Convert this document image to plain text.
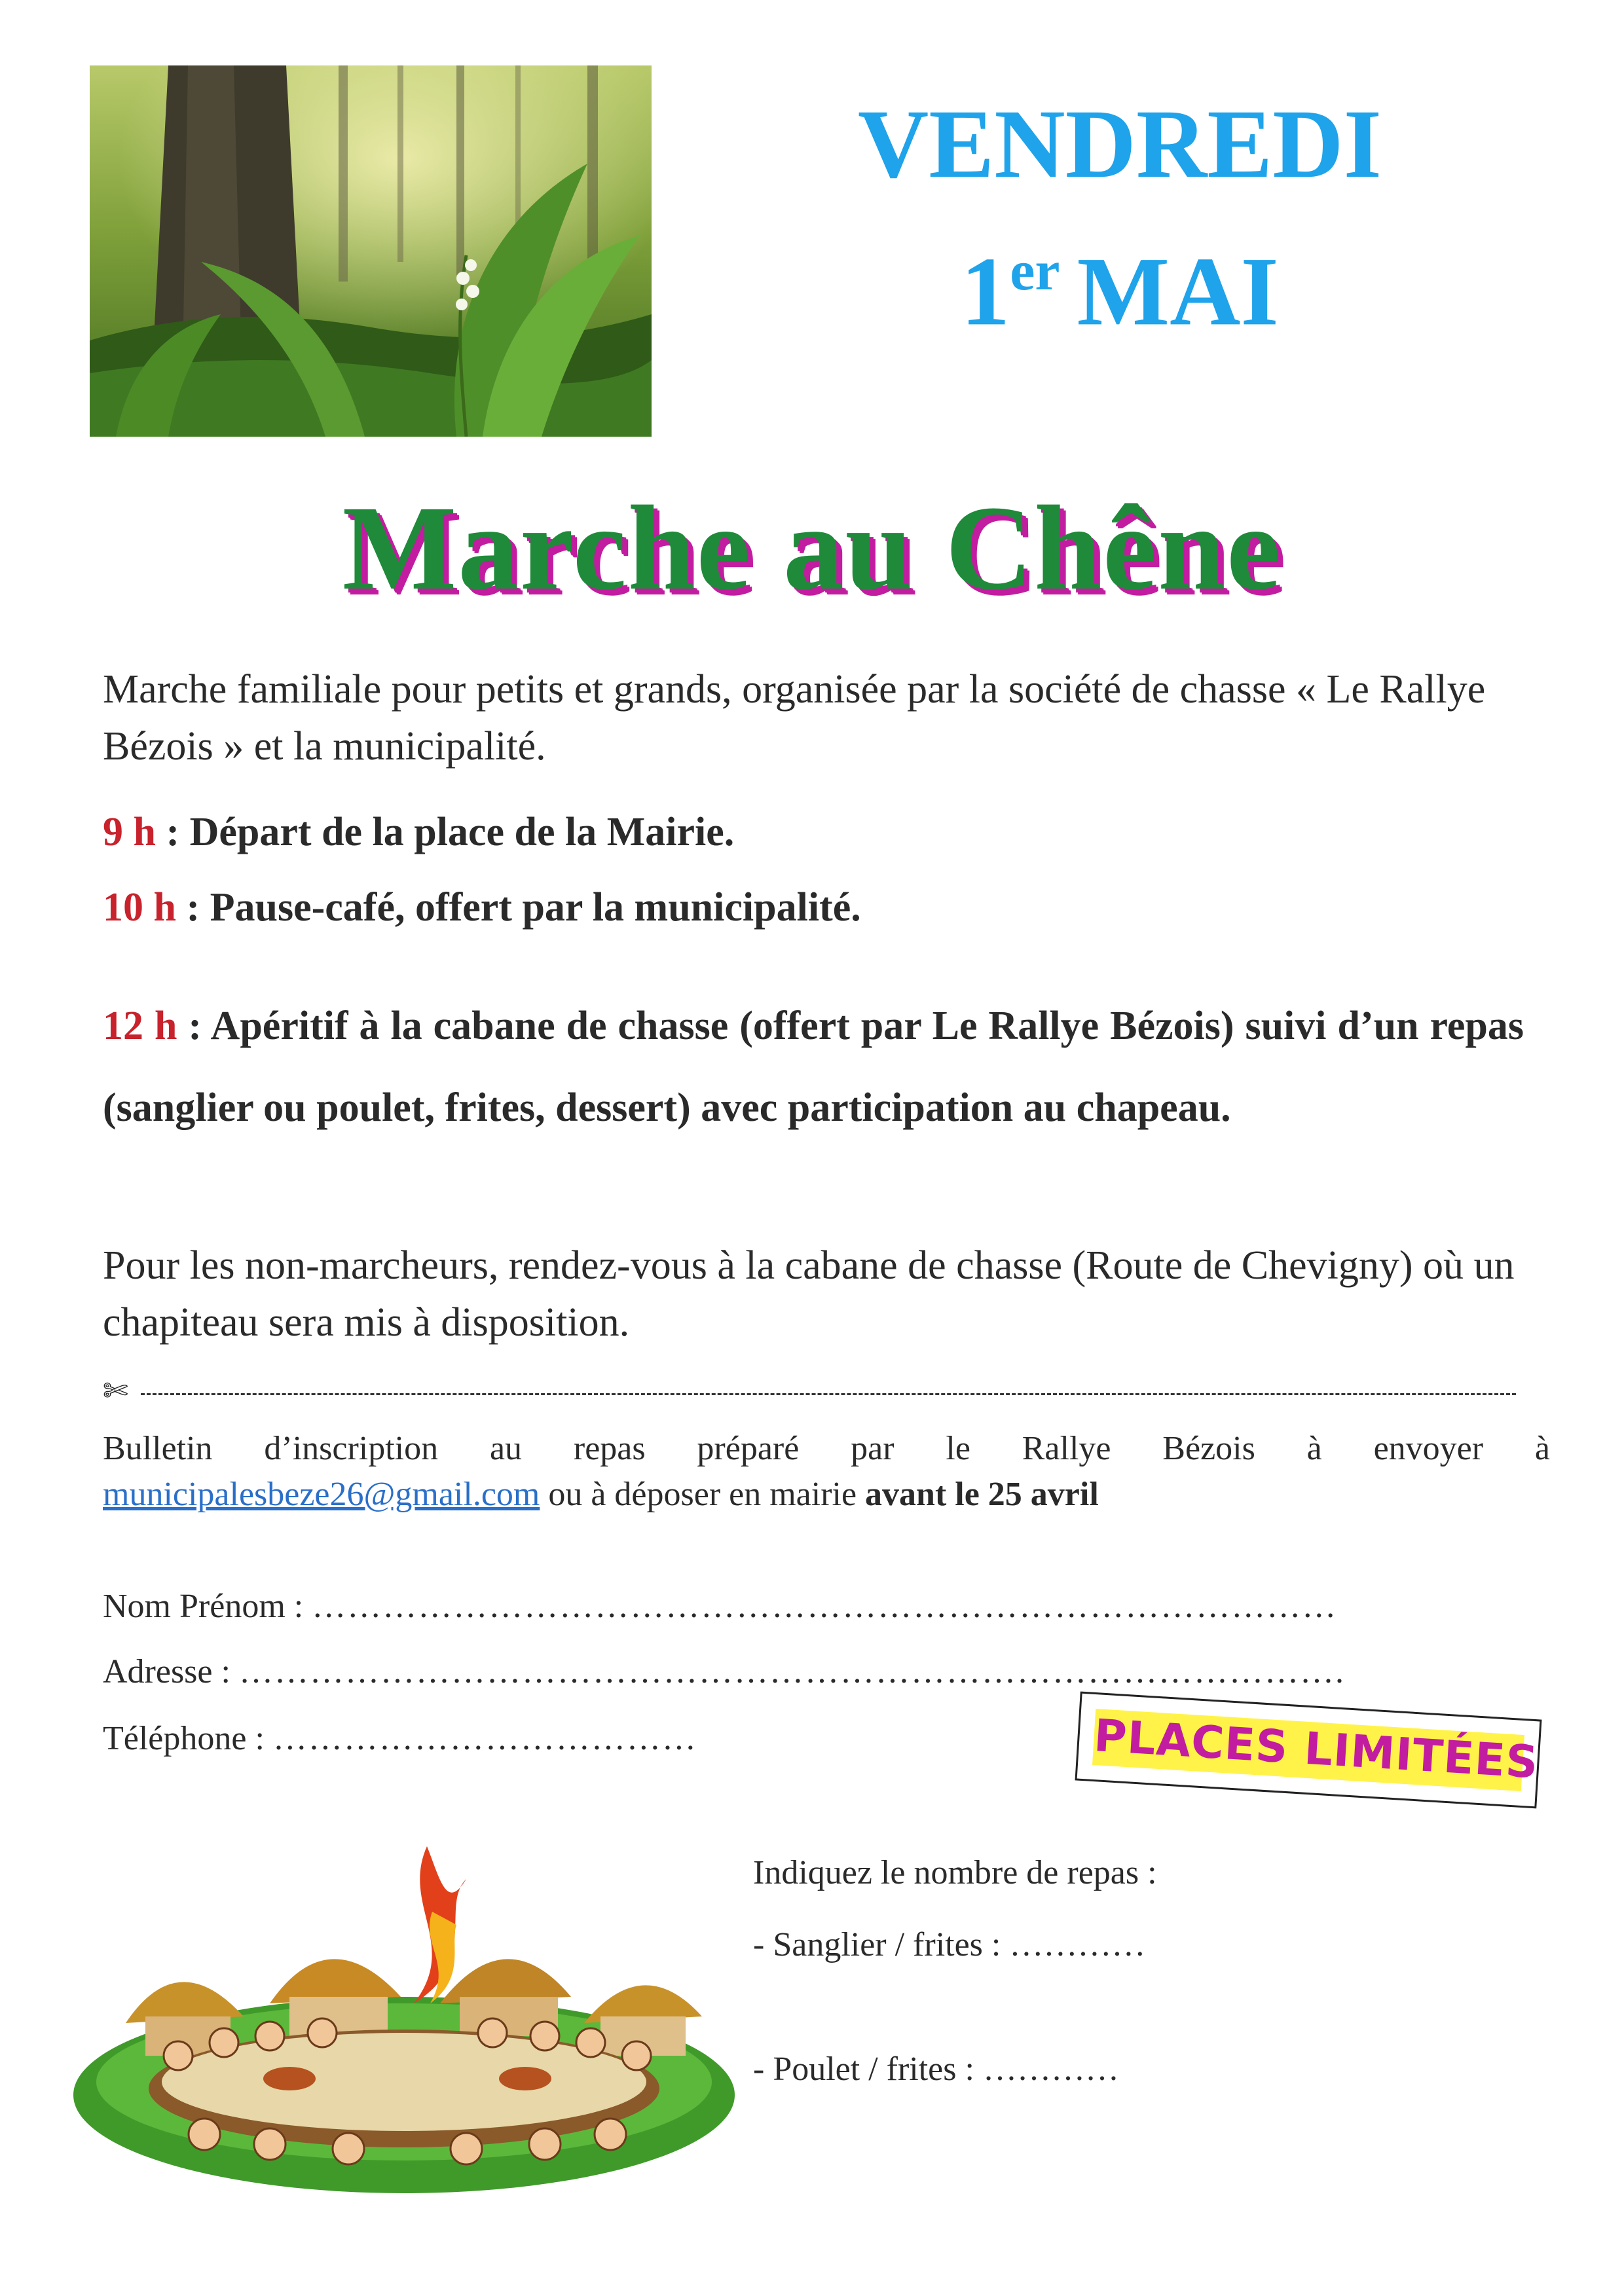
VENDREDI
1er MAI
Marche au Chêne
Marche familiale pour petits et grands, organisée par la société de chasse « Le Rallye Bézois » et la municipalité.
9 h : Départ de la place de la Mairie.
10 h : Pause-café, offert par la municipalité.
12 h : Apéritif à la cabane de chasse (offert par Le Rallye Bézois) suivi d’un repas (sanglier ou poulet, frites, dessert) avec participation au chapeau.
Pour les non-marcheurs, rendez-vous à la cabane de chasse (Route de Chevigny) où un chapiteau sera mis à disposition.
✄
Bulletin d’inscription au repas préparé par le Rallye Bézois à envoyer à
municipalesbeze26@gmail.com ou à déposer en mairie avant le 25 avril
Nom Prénom : ……………………………………………………………………………
Adresse : ………………………………………………………………………………….
Téléphone : ………………………………	PLACES LIMITÉES
Indiquez le nombre de repas :
- Sanglier / frites : …………
- Poulet / frites : …………
